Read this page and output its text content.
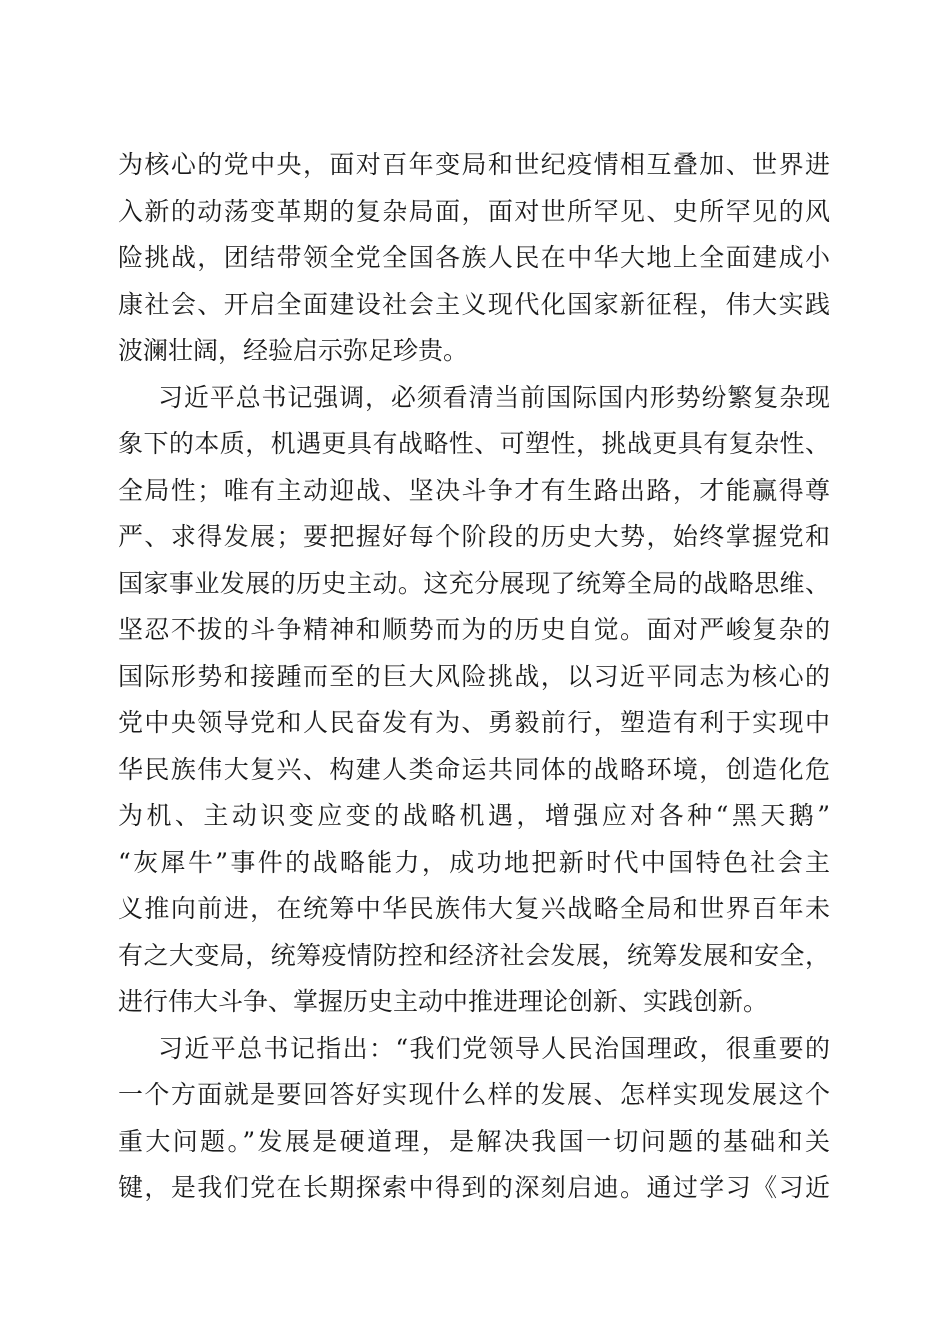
为核心的党中央，面对百年变局和世纪疫情相互叠加、世界进
入新的动荡变革期的复杂局面，面对世所罕见、史所罕见的风
险挑战，团结带领全党全国各族人民在中华大地上全面建成小
康社会、开启全面建设社会主义现代化国家新征程，伟大实践
波澜壮阔，经验启示弥足珍贵。
习近平总书记强调，必须看清当前国际国内形势纷繁复杂现
象下的本质，机遇更具有战略性、可塑性，挑战更具有复杂性、
全局性；唯有主动迎战、坚决斗争才有生路出路，才能赢得尊
严、求得发展；要把握好每个阶段的历史大势，始终掌握党和
国家事业发展的历史主动。这充分展现了统筹全局的战略思维、
坚忍不拔的斗争精神和顺势而为的历史自觉。面对严峻复杂的
国际形势和接踵而至的巨大风险挑战，以习近平同志为核心的
党中央领导党和人民奋发有为、勇毅前行，塑造有利于实现中
华民族伟大复兴、构建人类命运共同体的战略环境，创造化危
为机、主动识变应变的战略机遇，增强应对各种“黑天鹅”
“灰犀牛”事件的战略能力，成功地把新时代中国特色社会主
义推向前进，在统筹中华民族伟大复兴战略全局和世界百年未
有之大变局，统筹疫情防控和经济社会发展，统筹发展和安全，
进行伟大斗争、掌握历史主动中推进理论创新、实践创新。
习近平总书记指出：“我们党领导人民治国理政，很重要的
一个方面就是要回答好实现什么样的发展、怎样实现发展这个
重大问题。”发展是硬道理，是解决我国一切问题的基础和关
键，是我们党在长期探索中得到的深刻启迪。通过学习《习近
